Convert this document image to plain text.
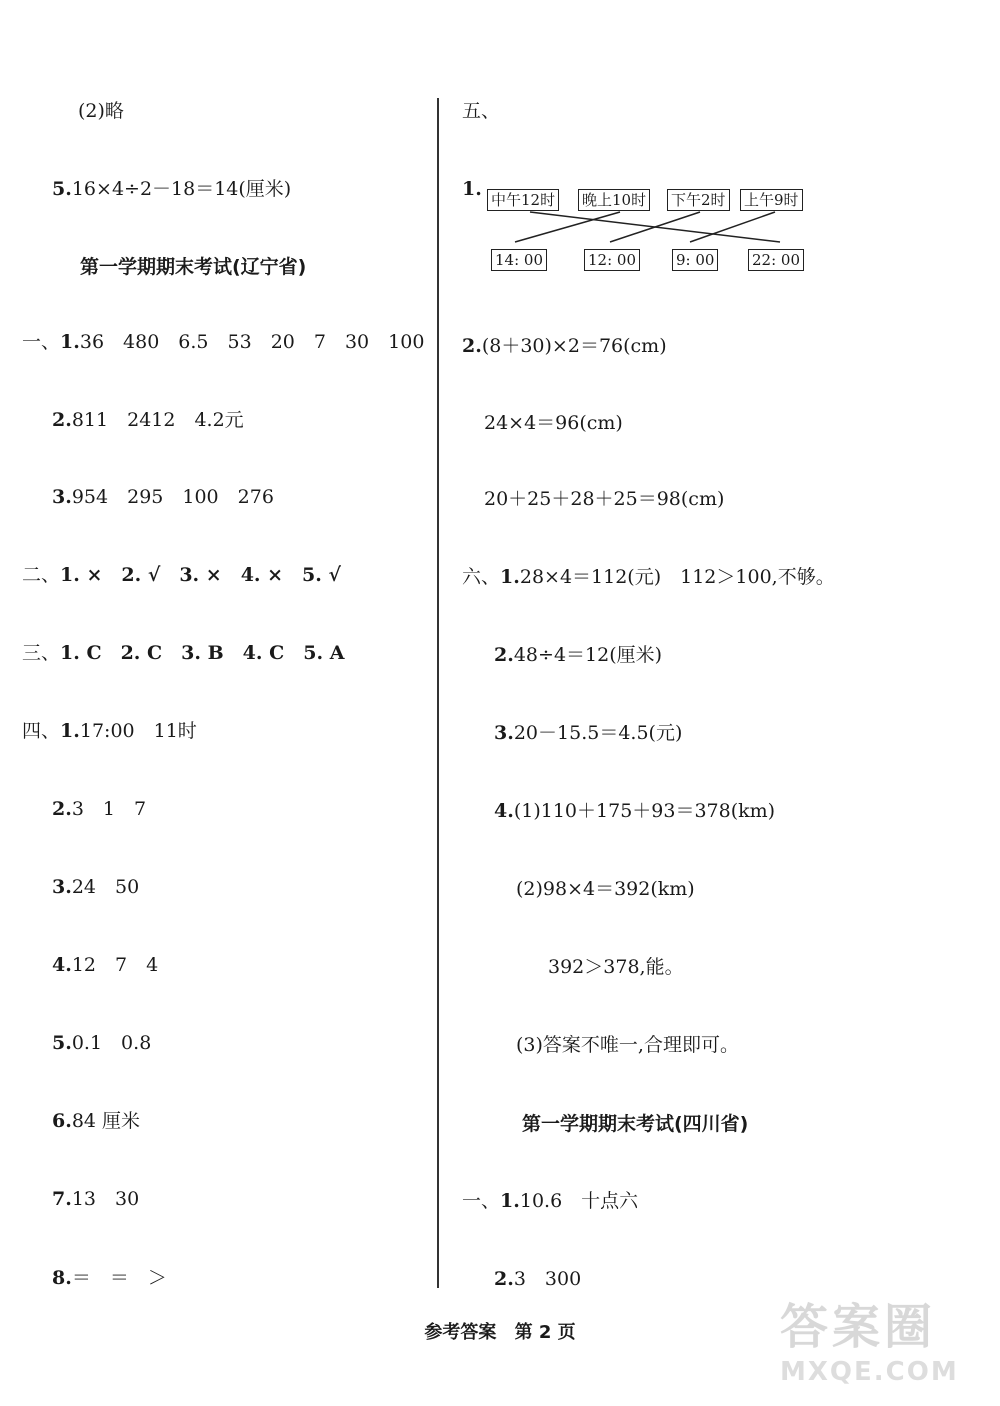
(2)略
5.16×4÷2－18＝14(厘米)
第一学期期末考试(辽宁省)
一、1.36　480　6.5　53　20　7　30　100
2.811　2412　4.2元
3.954　295　100　276
二、1. ×　2. √　3. ×　4. ×　5. √
三、1. C　2. C　3. B　4. C　5. A
四、1.17:00　11时
2.3　1　7
3.24　50
4.12　7　4
5.0.1　0.8
6.84 厘米
7.13　30
8.＝　＝　＞
五、
1. 中午12时 晚上10时 下午2时 上午9时
14: 00	12: 00	9: 00	22: 00
2.(8＋30)×2＝76(cm)
24×4＝96(cm)
20＋25＋28＋25＝98(cm)
六、1.28×4＝112(元)　112＞100,不够。
2.48÷4＝12(厘米)
3.20－15.5＝4.5(元)
4.(1)110＋175＋93＝378(km)
(2)98×4＝392(km)
392＞378,能。
(3)答案不唯一,合理即可。
第一学期期末考试(四川省)
一、1.10.6　十点六
2.3　300
参考答案 第 2 页	答案圈
MXQE.COM
